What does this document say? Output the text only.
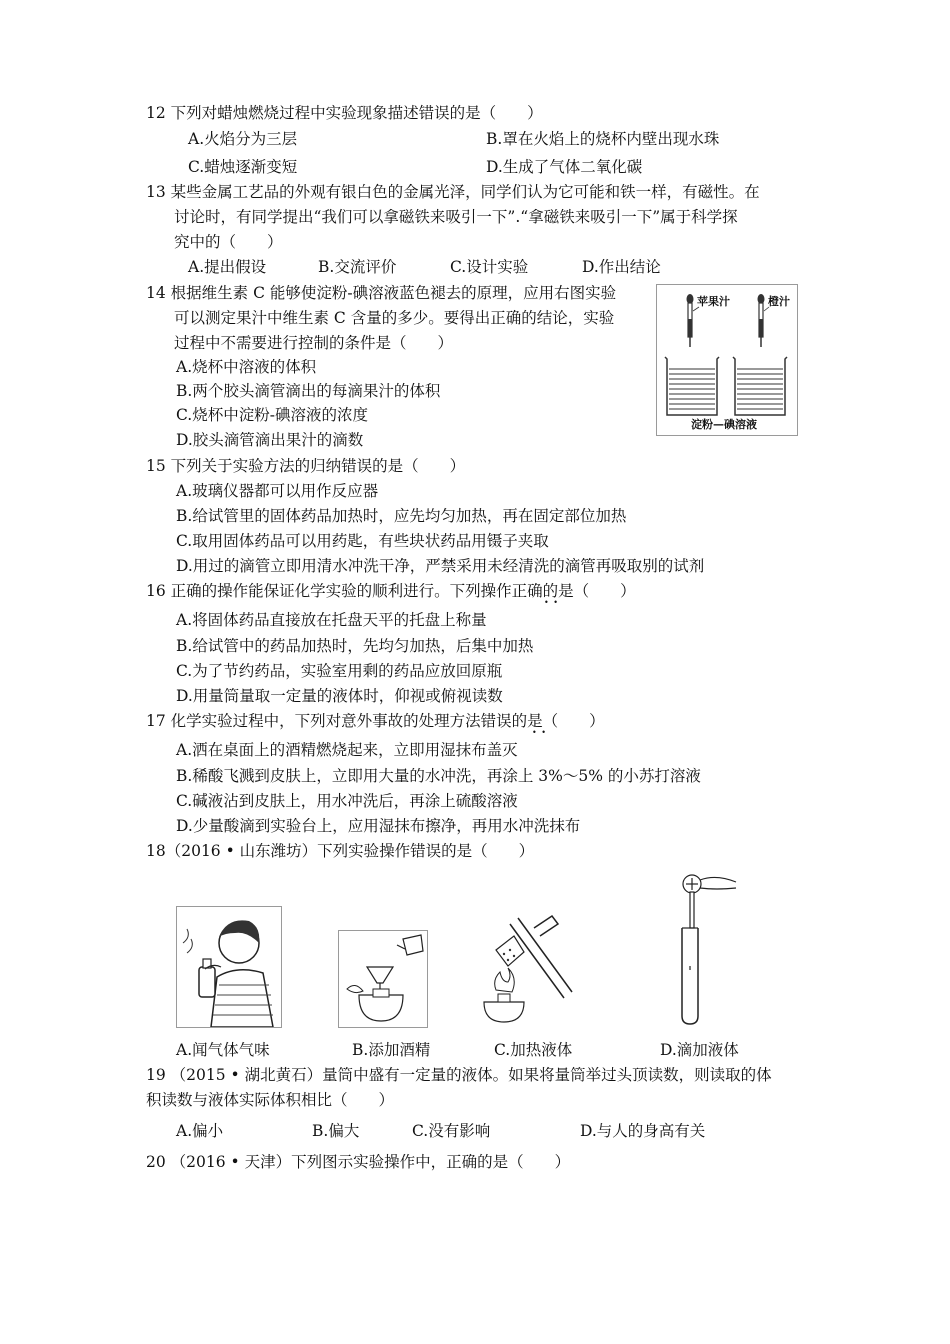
12 下列对蜡烛燃烧过程中实验现象描述错误的是（　　）
A.火焰分为三层	B.罩在火焰上的烧杯内壁出现水珠
C.蜡烛逐渐变短	D.生成了气体二氧化碳
13 某些金属工艺品的外观有银白色的金属光泽，同学们认为它可能和铁一样，有磁性。在
讨论时，有同学提出“我们可以拿磁铁来吸引一下”.“拿磁铁来吸引一下”属于科学探
究中的（　　）
A.提出假设	B.交流评价	C.设计实验	D.作出结论
14 根据维生素 C 能够使淀粉-碘溶液蓝色褪去的原理，应用右图实验
可以测定果汁中维生素 C 含量的多少。要得出正确的结论，实验
过程中不需要进行控制的条件是（　　）
A.烧杯中溶液的体积
B.两个胶头滴管滴出的每滴果汁的体积
C.烧杯中淀粉-碘溶液的浓度
D.胶头滴管滴出果汁的滴数
苹果汁	橙汁
淀粉—碘溶液
15 下列关于实验方法的归纳错误的是（　　）
A.玻璃仪器都可以用作反应器
B.给试管里的固体药品加热时，应先均匀加热，再在固定部位加热
C.取用固体药品可以用药匙，有些块状药品用镊子夹取
D.用过的滴管立即用清水冲洗干净，严禁采用未经清洗的滴管再吸取别的试剂
16 正确的操作能保证化学实验的顺利进行。下列操作正确的是（　　）
• •
A.将固体药品直接放在托盘天平的托盘上称量
B.给试管中的药品加热时，先均匀加热，后集中加热
C.为了节约药品，实验室用剩的药品应放回原瓶
D.用量筒量取一定量的液体时，仰视或俯视读数
17 化学实验过程中，下列对意外事故的处理方法错误的是（　　）
• •
A.洒在桌面上的酒精燃烧起来，立即用湿抹布盖灭
B.稀酸飞溅到皮肤上，立即用大量的水冲洗，再涂上 3%～5% 的小苏打溶液
C.碱液沾到皮肤上，用水冲洗后，再涂上硫酸溶液
D.少量酸滴到实验台上，应用湿抹布擦净，再用水冲洗抹布
18（2016 • 山东潍坊）下列实验操作错误的是（　　）
A.闻气体气味	B.添加酒精	C.加热液体	D.滴加液体
19 （2015 • 湖北黄石）量筒中盛有一定量的液体。如果将量筒举过头顶读数，则读取的体
积读数与液体实际体积相比（　　）
A.偏小	B.偏大	C.没有影响	D.与人的身高有关
20 （2016 • 天津）下列图示实验操作中，正确的是（　　）
